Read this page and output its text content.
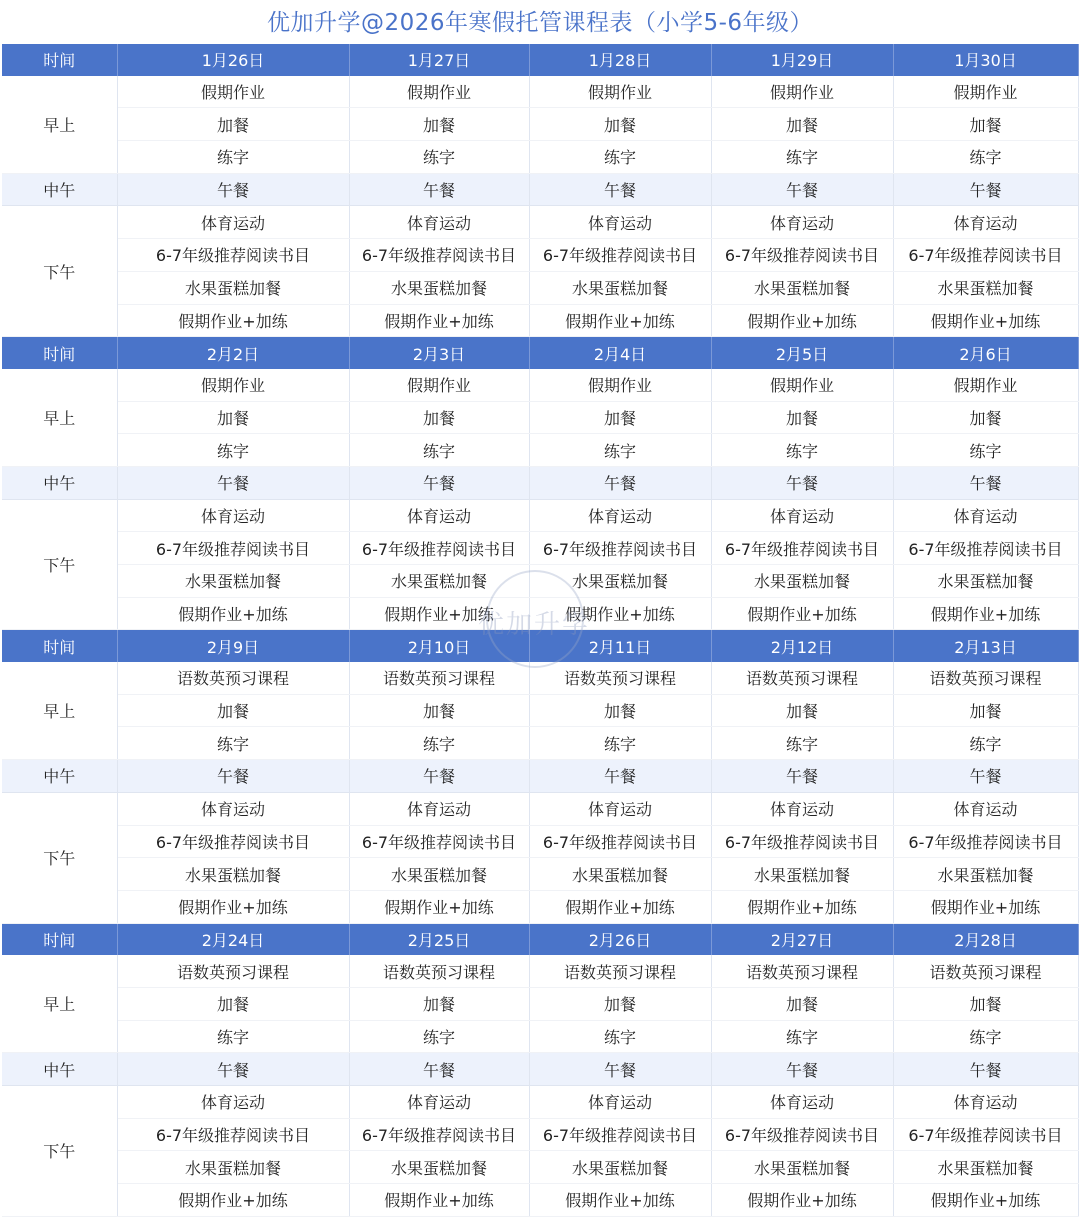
优加升学@2026年寒假托管课程表（小学5-6年级）
时间	1月26日	1月27日	1月28日	1月29日	1月30日
早上	假期作业	假期作业	假期作业	假期作业	假期作业
	加餐	加餐	加餐	加餐	加餐
	练字	练字	练字	练字	练字
中午	午餐	午餐	午餐	午餐	午餐
下午	体育运动	体育运动	体育运动	体育运动	体育运动
	6-7年级推荐阅读书目	6-7年级推荐阅读书目	6-7年级推荐阅读书目	6-7年级推荐阅读书目	6-7年级推荐阅读书目
	水果蛋糕加餐	水果蛋糕加餐	水果蛋糕加餐	水果蛋糕加餐	水果蛋糕加餐
	假期作业+加练	假期作业+加练	假期作业+加练	假期作业+加练	假期作业+加练
时间	2月2日	2月3日	2月4日	2月5日	2月6日
早上	假期作业	假期作业	假期作业	假期作业	假期作业
	加餐	加餐	加餐	加餐	加餐
	练字	练字	练字	练字	练字
中午	午餐	午餐	午餐	午餐	午餐
下午	体育运动	体育运动	体育运动	体育运动	体育运动
	6-7年级推荐阅读书目	6-7年级推荐阅读书目	6-7年级推荐阅读书目	6-7年级推荐阅读书目	6-7年级推荐阅读书目
	水果蛋糕加餐	水果蛋糕加餐	水果蛋糕加餐	水果蛋糕加餐	水果蛋糕加餐
	假期作业+加练	假期作业+加练	假期作业+加练	假期作业+加练	假期作业+加练
时间	2月9日	2月10日	2月11日	2月12日	2月13日
早上	语数英预习课程	语数英预习课程	语数英预习课程	语数英预习课程	语数英预习课程
	加餐	加餐	加餐	加餐	加餐
	练字	练字	练字	练字	练字
中午	午餐	午餐	午餐	午餐	午餐
下午	体育运动	体育运动	体育运动	体育运动	体育运动
	6-7年级推荐阅读书目	6-7年级推荐阅读书目	6-7年级推荐阅读书目	6-7年级推荐阅读书目	6-7年级推荐阅读书目
	水果蛋糕加餐	水果蛋糕加餐	水果蛋糕加餐	水果蛋糕加餐	水果蛋糕加餐
	假期作业+加练	假期作业+加练	假期作业+加练	假期作业+加练	假期作业+加练
时间	2月24日	2月25日	2月26日	2月27日	2月28日
早上	语数英预习课程	语数英预习课程	语数英预习课程	语数英预习课程	语数英预习课程
	加餐	加餐	加餐	加餐	加餐
	练字	练字	练字	练字	练字
中午	午餐	午餐	午餐	午餐	午餐
下午	体育运动	体育运动	体育运动	体育运动	体育运动
	6-7年级推荐阅读书目	6-7年级推荐阅读书目	6-7年级推荐阅读书目	6-7年级推荐阅读书目	6-7年级推荐阅读书目
	水果蛋糕加餐	水果蛋糕加餐	水果蛋糕加餐	水果蛋糕加餐	水果蛋糕加餐
	假期作业+加练	假期作业+加练	假期作业+加练	假期作业+加练	假期作业+加练
优加升学
